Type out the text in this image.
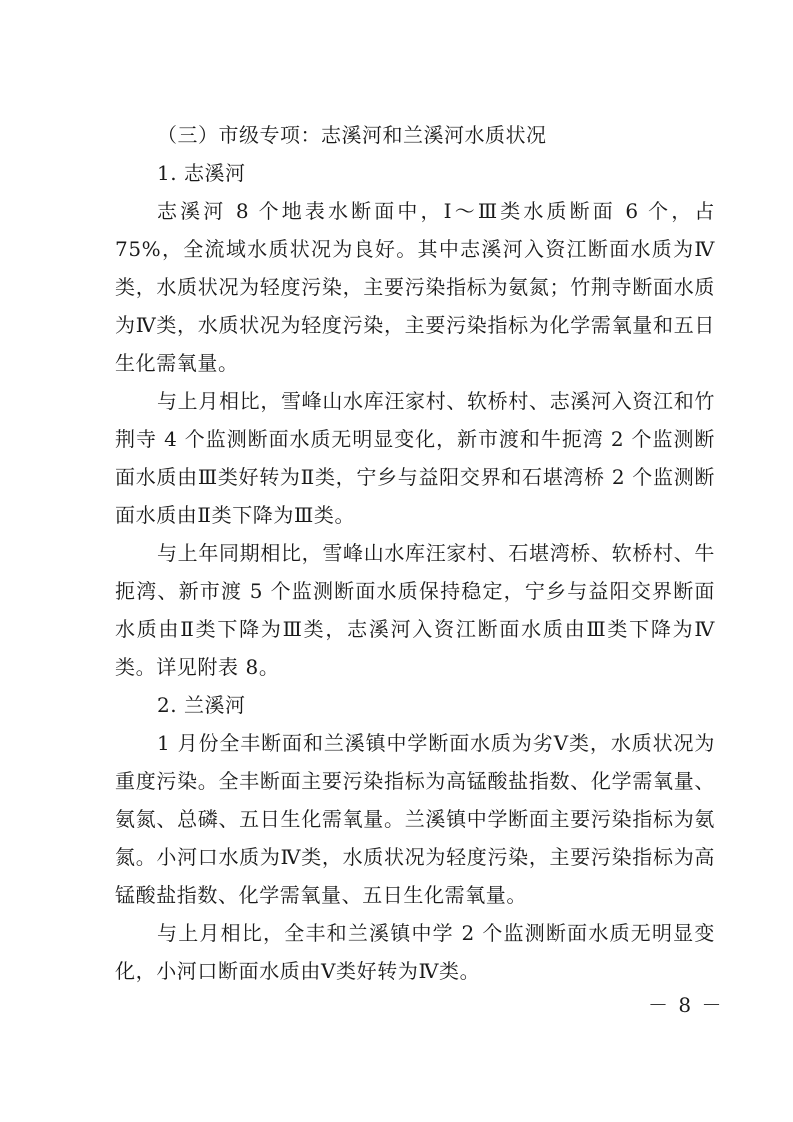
（三）市级专项：志溪河和兰溪河水质状况
1. 志溪河

志溪河 8 个地表水断面中，Ⅰ～Ⅲ类水质断面 6 个，占 75%，全流域水质状况为良好。其中志溪河入资江断面水质为Ⅳ类，水质状况为轻度污染，主要污染指标为氨氮；竹荆寺断面水质为Ⅳ类，水质状况为轻度污染，主要污染指标为化学需氧量和五日生化需氧量。

与上月相比，雪峰山水库汪家村、软桥村、志溪河入资江和竹荆寺 4 个监测断面水质无明显变化，新市渡和牛扼湾 2 个监测断面水质由Ⅲ类好转为Ⅱ类，宁乡与益阳交界和石堪湾桥 2 个监测断面水质由Ⅱ类下降为Ⅲ类。

与上年同期相比，雪峰山水库汪家村、石堪湾桥、软桥村、牛扼湾、新市渡 5 个监测断面水质保持稳定，宁乡与益阳交界断面水质由Ⅱ类下降为Ⅲ类，志溪河入资江断面水质由Ⅲ类下降为Ⅳ类。详见附表 8。

2. 兰溪河

1 月份全丰断面和兰溪镇中学断面水质为劣Ⅴ类，水质状况为重度污染。全丰断面主要污染指标为高锰酸盐指数、化学需氧量、氨氮、总磷、五日生化需氧量。兰溪镇中学断面主要污染指标为氨氮。小河口水质为Ⅳ类，水质状况为轻度污染，主要污染指标为高锰酸盐指数、化学需氧量、五日生化需氧量。

与上月相比，全丰和兰溪镇中学 2 个监测断面水质无明显变化，小河口断面水质由Ⅴ类好转为Ⅳ类。

－ 8 －
